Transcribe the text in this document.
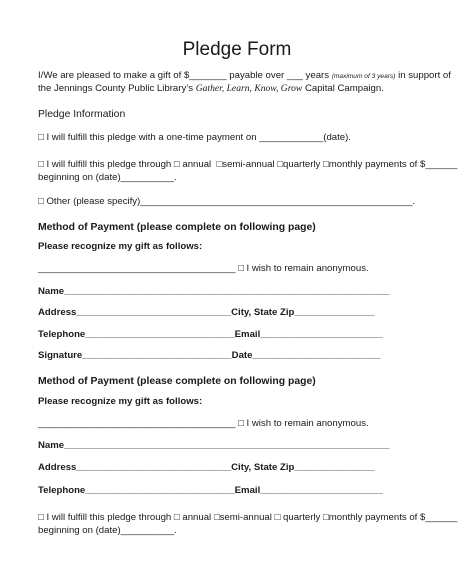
Pledge Form
I/We are pleased to make a gift of $_______ payable over ___ years (maximum of 3 years) in support of
the Jennings County Public Library’s Gather, Learn, Know, Grow Capital Campaign.
Pledge Information
□ I will fulfill this pledge with a one-time payment on ____________(date).
□ I will fulfill this pledge through □ annual  □semi-annual □quarterly □monthly payments of $______
beginning on (date)__________.
□ Other (please specify)___________________________________________________.
Method of Payment (please complete on following page)
Please recognize my gift as follows:
_____________________________________ □ I wish to remain anonymous.
Name_____________________________________________________________
Address_____________________________City, State Zip_______________
Telephone____________________________Email_______________________
Signature____________________________Date________________________
Method of Payment (please complete on following page)
Please recognize my gift as follows:
_____________________________________ □ I wish to remain anonymous.
Name_____________________________________________________________
Address_____________________________City, State Zip_______________
Telephone____________________________Email_______________________
□ I will fulfill this pledge through □ annual □semi-annual □ quarterly □monthly payments of $______
beginning on (date)__________.
